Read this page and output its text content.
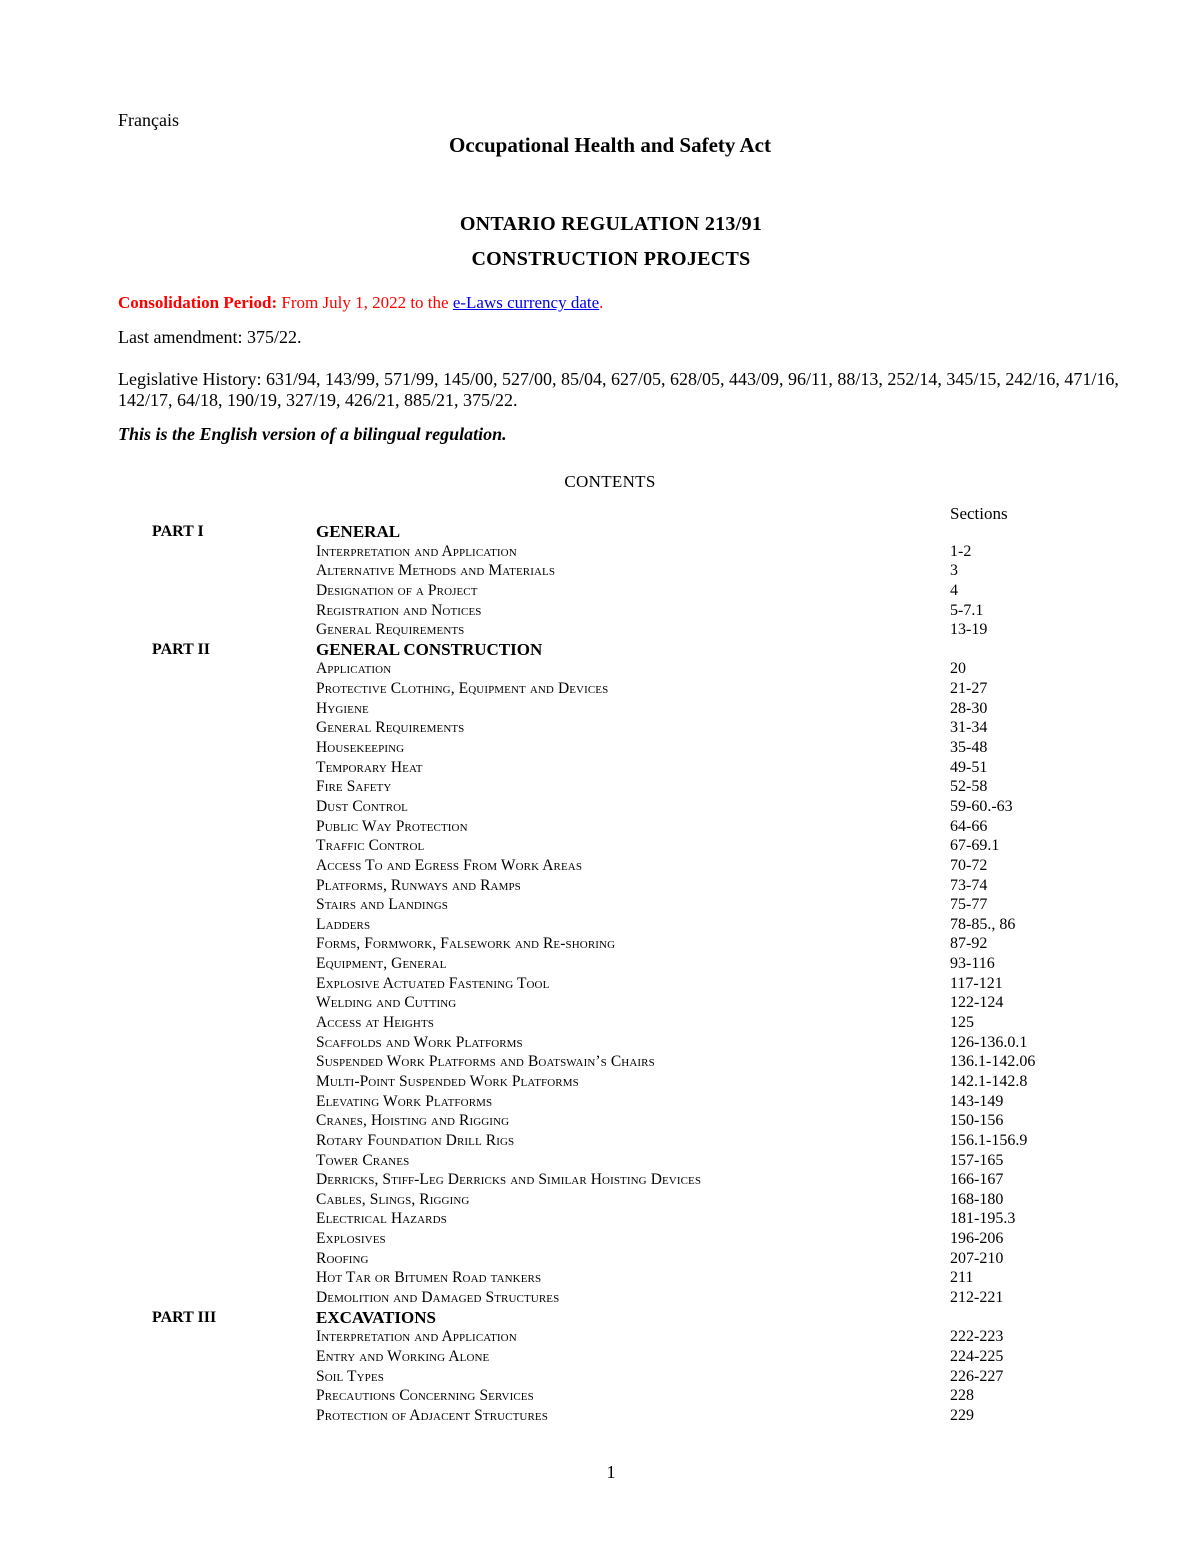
Français

Occupational Health and Safety Act

ONTARIO REGULATION 213/91

CONSTRUCTION PROJECTS

Consolidation Period: From July 1, 2022 to the e-Laws currency date.

Last amendment: 375/22.

Legislative History: 631/94, 143/99, 571/99, 145/00, 527/00, 85/04, 627/05, 628/05, 443/09, 96/11, 88/13, 252/14, 345/15, 242/16, 471/16, 142/17, 64/18, 190/19, 327/19, 426/21, 885/21, 375/22.

This is the English version of a bilingual regulation.

CONTENTS

Sections

PART I	GENERAL
Interpretation and Application	1-2
Alternative Methods and Materials	3
Designation of a Project	4
Registration and Notices	5-7.1
General Requirements	13-19
PART II	GENERAL CONSTRUCTION
Application	20
Protective Clothing, Equipment and Devices	21-27
Hygiene	28-30
General Requirements	31-34
Housekeeping	35-48
Temporary Heat	49-51
Fire Safety	52-58
Dust Control	59-60.-63
Public Way Protection	64-66
Traffic Control	67-69.1
Access To and Egress From Work Areas	70-72
Platforms, Runways and Ramps	73-74
Stairs and Landings	75-77
Ladders	78-85., 86
Forms, Formwork, Falsework and Re-shoring	87-92
Equipment, General	93-116
Explosive Actuated Fastening Tool	117-121
Welding and Cutting	122-124
Access at Heights	125
Scaffolds and Work Platforms	126-136.0.1
Suspended Work Platforms and Boatswain’s Chairs	136.1-142.06
Multi-Point Suspended Work Platforms	142.1-142.8
Elevating Work Platforms	143-149
Cranes, Hoisting and Rigging	150-156
Rotary Foundation Drill Rigs	156.1-156.9
Tower Cranes	157-165
Derricks, Stiff-Leg Derricks and Similar Hoisting Devices	166-167
Cables, Slings, Rigging	168-180
Electrical Hazards	181-195.3
Explosives	196-206
Roofing	207-210
Hot Tar or Bitumen Road tankers	211
Demolition and Damaged Structures	212-221
PART III	EXCAVATIONS
Interpretation and Application	222-223
Entry and Working Alone	224-225
Soil Types	226-227
Precautions Concerning Services	228
Protection of Adjacent Structures	229

1
